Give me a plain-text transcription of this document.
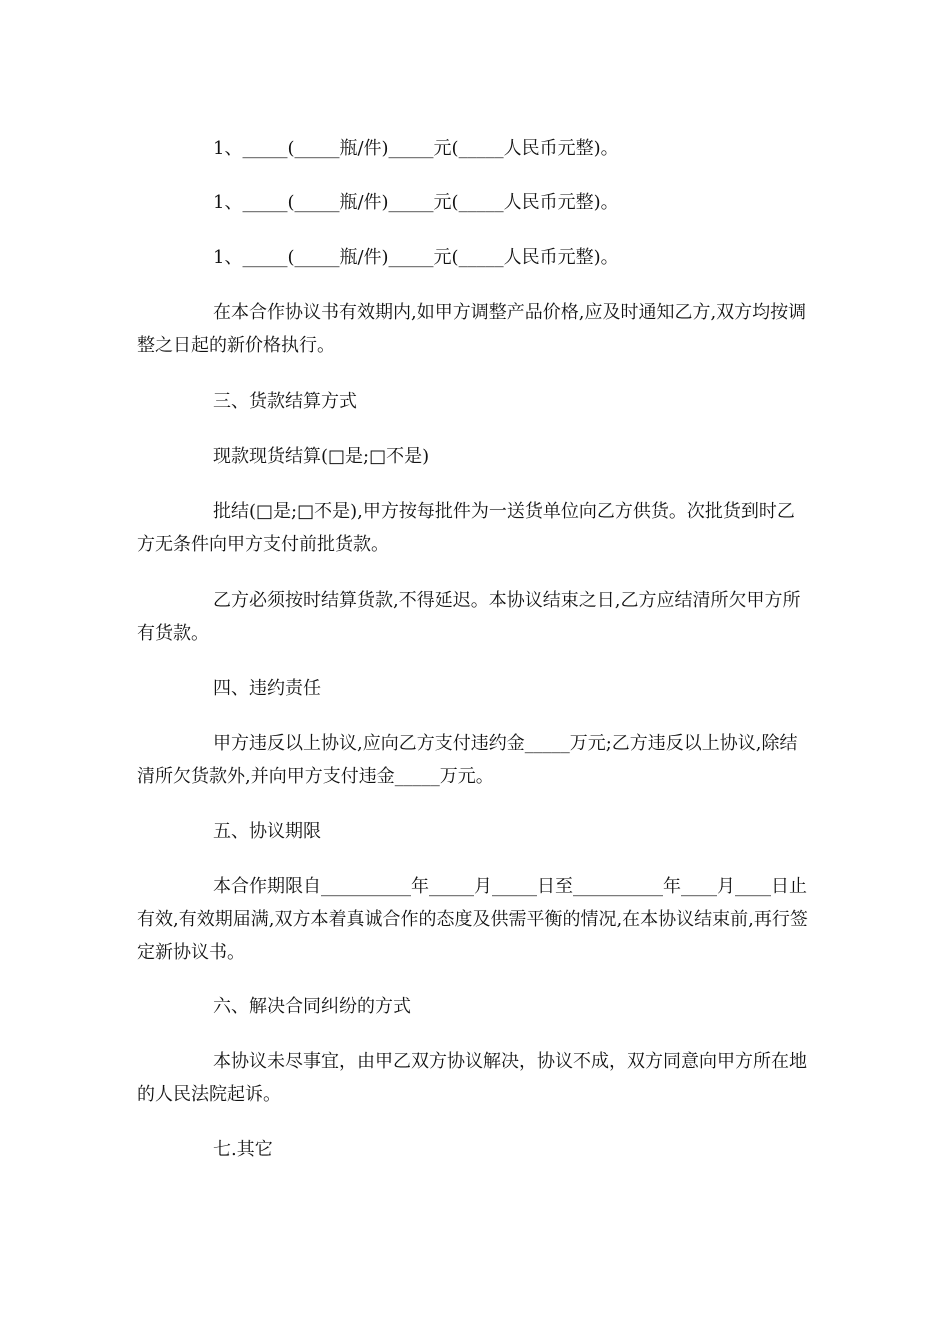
1、_____(_____瓶/件)_____元(_____人民币元整)。

1、_____(_____瓶/件)_____元(_____人民币元整)。

1、_____(_____瓶/件)_____元(_____人民币元整)。

在本合作协议书有效期内,如甲方调整产品价格,应及时通知乙方,双方均按调整之日起的新价格执行。

三、货款结算方式

现款现货结算(□是;□不是)

批结(□是;□不是),甲方按每批件为一送货单位向乙方供货。次批货到时乙方无条件向甲方支付前批货款。

乙方必须按时结算货款,不得延迟。本协议结束之日,乙方应结清所欠甲方所有货款。

四、违约责任

甲方违反以上协议,应向乙方支付违约金_____万元;乙方违反以上协议,除结清所欠货款外,并向甲方支付违金_____万元。

五、协议期限

本合作期限自__________年_____月_____日至__________年____月____日止有效,有效期届满,双方本着真诚合作的态度及供需平衡的情况,在本协议结束前,再行签定新协议书。

六、解决合同纠纷的方式

本协议未尽事宜，由甲乙双方协议解决，协议不成，双方同意向甲方所在地的人民法院起诉。

七.其它
